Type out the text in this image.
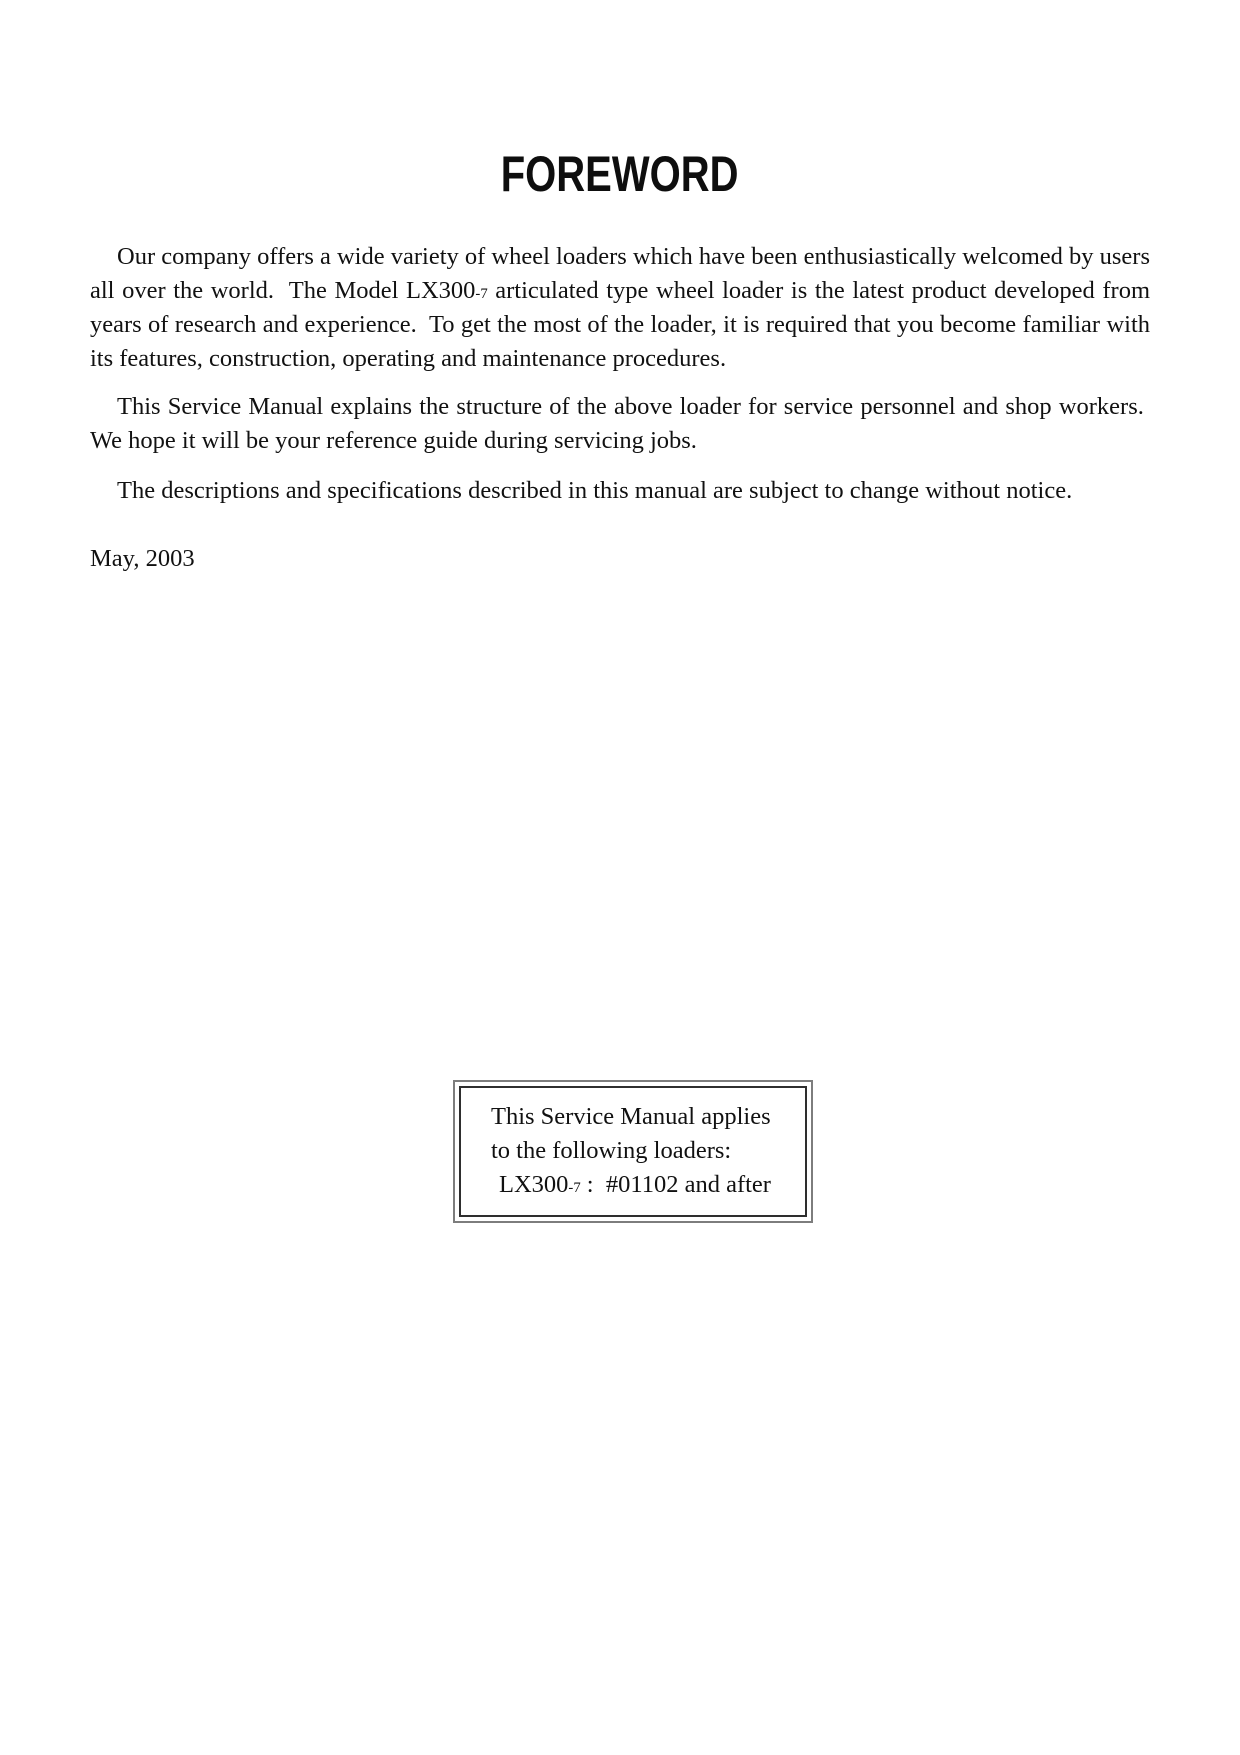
FOREWORD

Our company offers a wide variety of wheel loaders which have been enthusiastically welcomed by users all over the world.  The Model LX300-7 articulated type wheel loader is the latest product developed from years of research and experience.  To get the most of the loader, it is required that you become familiar with its features, construction, operating and maintenance procedures.

This Service Manual explains the structure of the above loader for service personnel and shop workers.  We hope it will be your reference guide during servicing jobs.

The descriptions and specifications described in this manual are subject to change without notice.

May, 2003

This Service Manual applies
to the following loaders:
LX300-7 :  #01102 and after
